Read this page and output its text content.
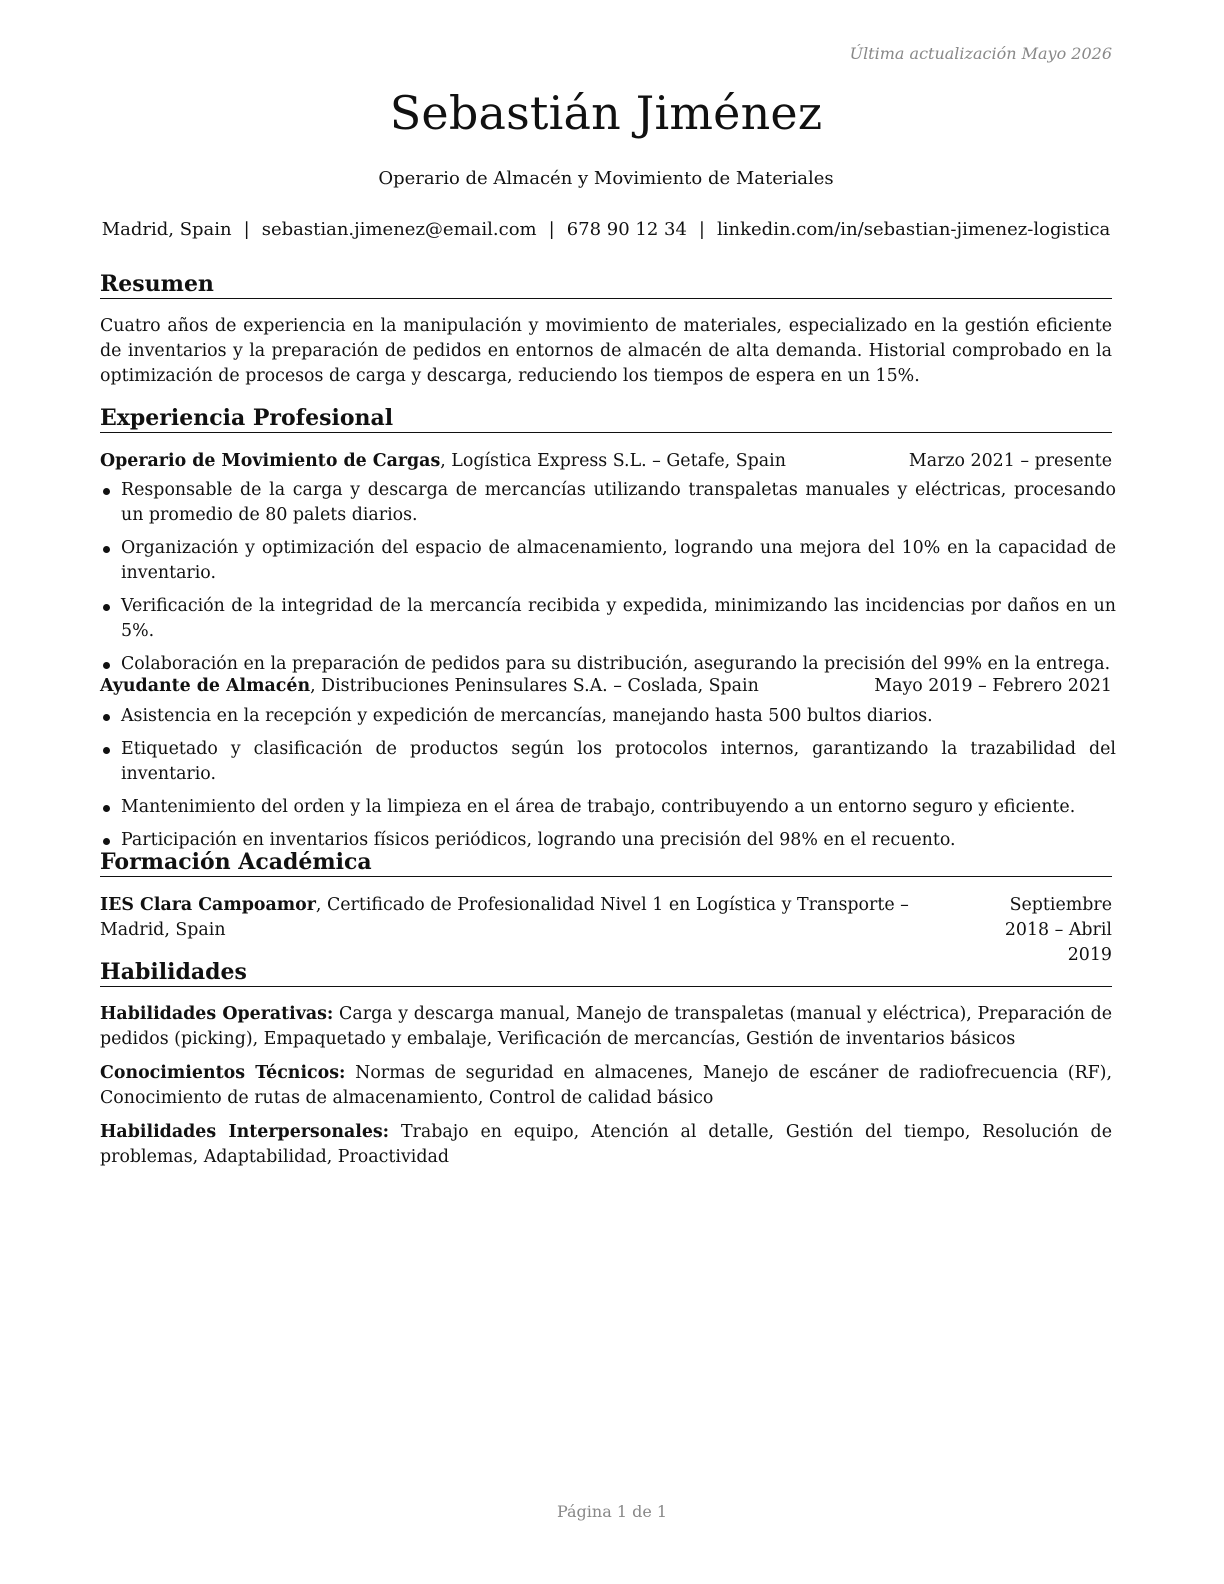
Última actualización Mayo 2026
Sebastián Jiménez
Operario de Almacén y Movimiento de Materiales
Madrid, Spain | sebastian.jimenez@email.com | 678 90 12 34 | linkedin.com/in/sebastian-jimenez-logistica
Resumen
Cuatro años de experiencia en la manipulación y movimiento de materiales, especializado en la gestión eficiente de inventarios y la preparación de pedidos en entornos de almacén de alta demanda. Historial comprobado en la optimización de procesos de carga y descarga, reduciendo los tiempos de espera en un 15%.
Experiencia Profesional
Operario de Movimiento de Cargas, Logística Express S.L. – Getafe, Spain	Marzo 2021 – presente
Responsable de la carga y descarga de mercancías utilizando transpaletas manuales y eléctricas, procesando un promedio de 80 palets diarios.
Organización y optimización del espacio de almacenamiento, logrando una mejora del 10% en la capacidad de inventario.
Verificación de la integridad de la mercancía recibida y expedida, minimizando las incidencias por daños en un 5%.
Colaboración en la preparación de pedidos para su distribución, asegurando la precisión del 99% en la entrega.
Ayudante de Almacén, Distribuciones Peninsulares S.A. – Coslada, Spain	Mayo 2019 – Febrero 2021
Asistencia en la recepción y expedición de mercancías, manejando hasta 500 bultos diarios.
Etiquetado y clasificación de productos según los protocolos internos, garantizando la trazabilidad del inventario.
Mantenimiento del orden y la limpieza en el área de trabajo, contribuyendo a un entorno seguro y eficiente.
Participación en inventarios físicos periódicos, logrando una precisión del 98% en el recuento.
Formación Académica
IES Clara Campoamor, Certificado de Profesionalidad Nivel 1 en Logística y Transporte – Madrid, Spain
Septiembre 2018 – Abril 2019
Habilidades
Habilidades Operativas: Carga y descarga manual, Manejo de transpaletas (manual y eléctrica), Preparación de pedidos (picking), Empaquetado y embalaje, Verificación de mercancías, Gestión de inventarios básicos
Conocimientos Técnicos: Normas de seguridad en almacenes, Manejo de escáner de radiofrecuencia (RF), Conocimiento de rutas de almacenamiento, Control de calidad básico
Habilidades Interpersonales: Trabajo en equipo, Atención al detalle, Gestión del tiempo, Resolución de problemas, Adaptabilidad, Proactividad
Página 1 de 1
